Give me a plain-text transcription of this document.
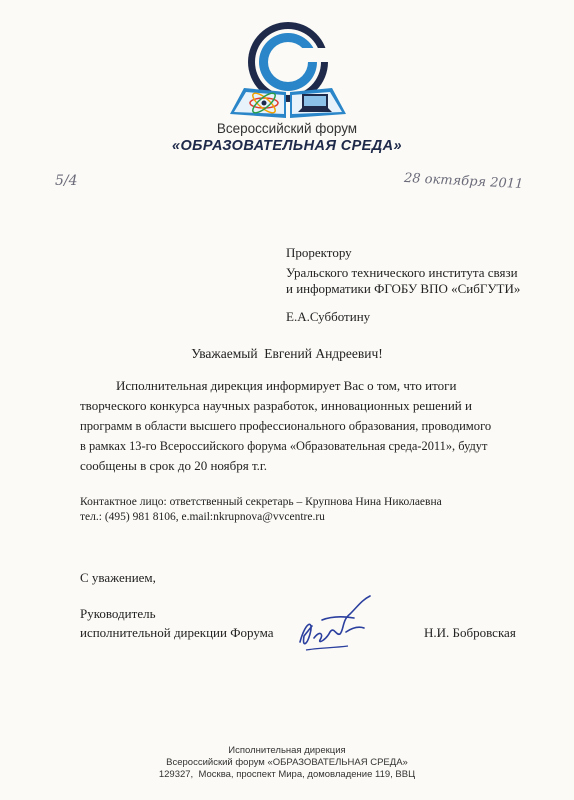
Всероссийский форум
«ОБРАЗОВАТЕЛЬНАЯ СРЕДА»
5/4	28 октября 2011
Проректору
Уральского технического института связи
и информатики ФГОБУ ВПО «СибГУТИ»
Е.А.Субботину
Уважаемый  Евгений Андреевич!
Исполнительная дирекция информирует Вас о том, что итоги
творческого конкурса научных разработок, инновационных решений и
программ в области высшего профессионального образования, проводимого
в рамках 13-го Всероссийского форума «Образовательная среда-2011», будут
сообщены в срок до 20 ноября т.г.
Контактное лицо: ответственный секретарь – Крупнова Нина Николаевна
тел.: (495) 981 8106, e.mail:nkrupnova@vvcentre.ru
С уважением,
Руководитель
исполнительной дирекции Форума	Н.И. Бобровская
Исполнительная дирекция
Всероссийский форум «ОБРАЗОВАТЕЛЬНАЯ СРЕДА»
129327,  Москва, проспект Мира, домовладение 119, ВВЦ
